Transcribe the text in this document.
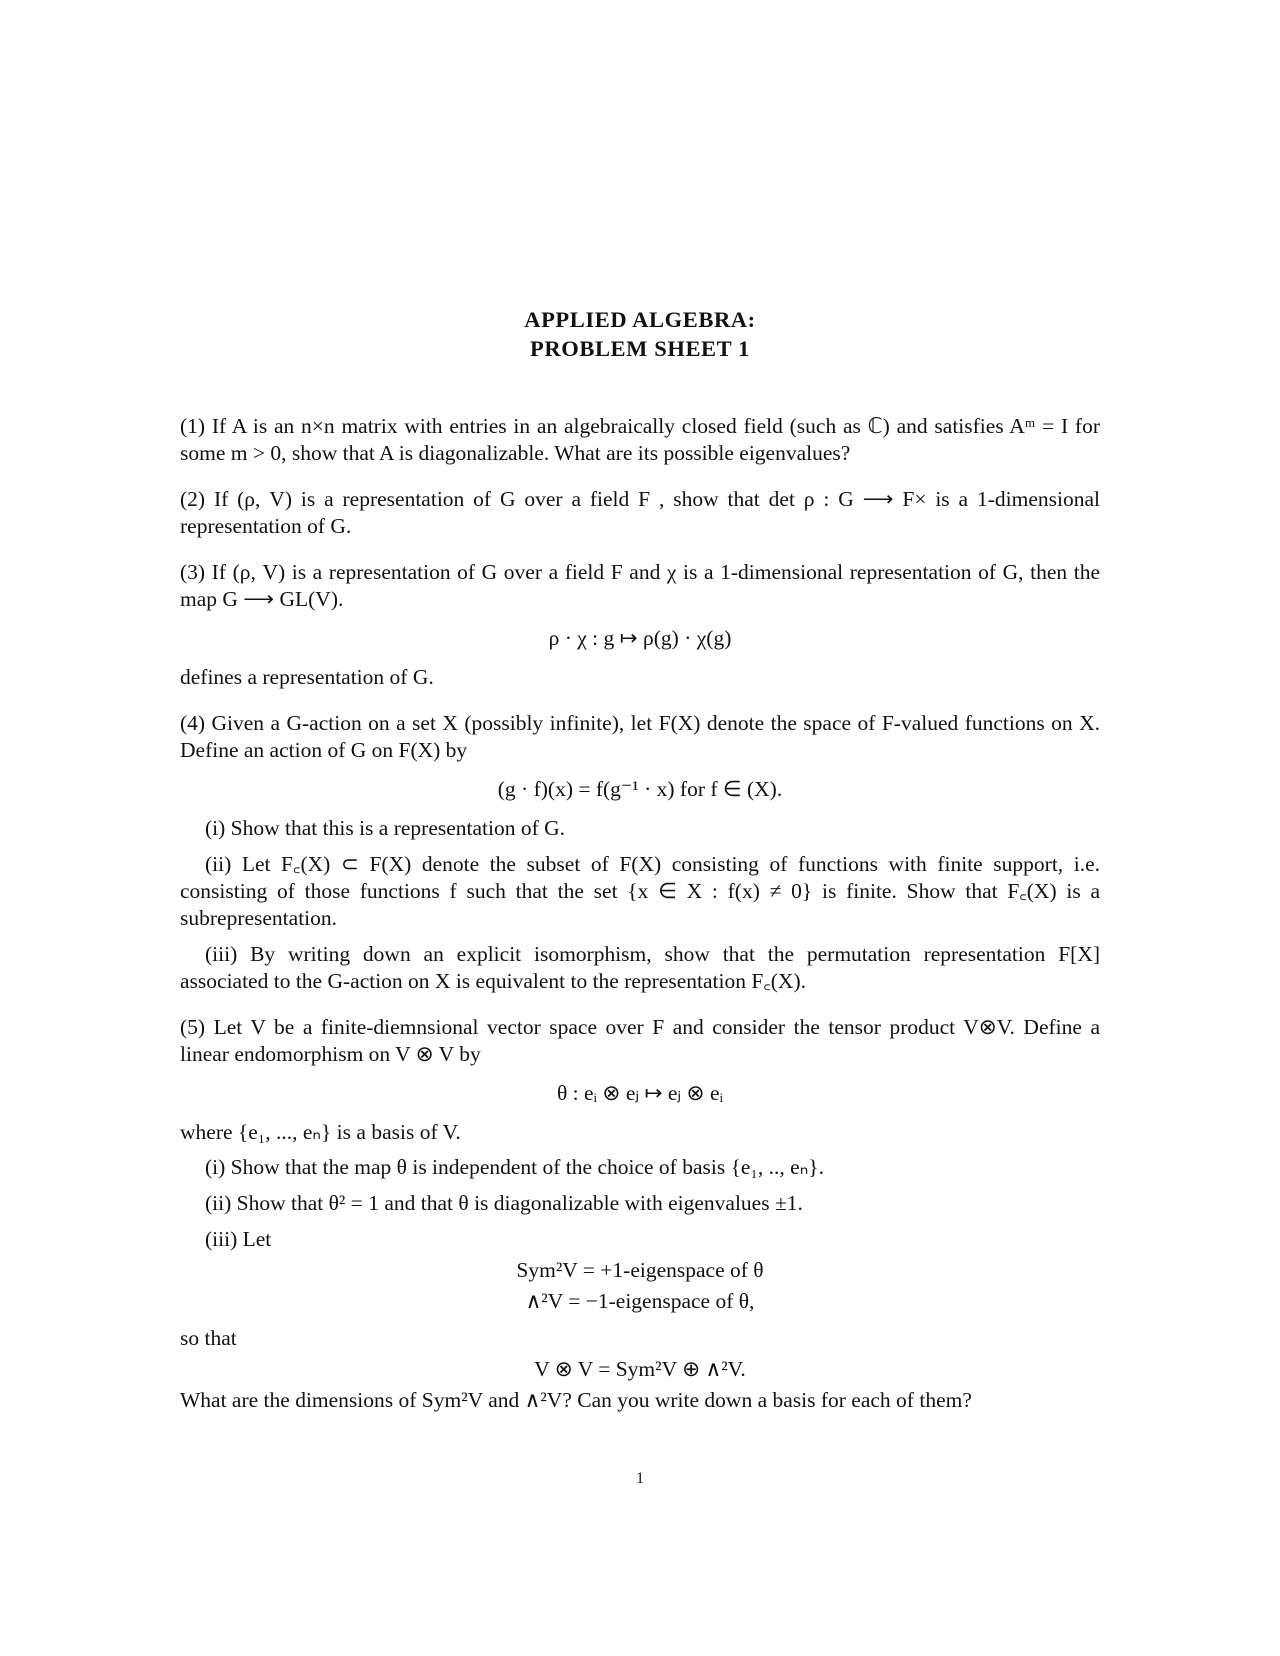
APPLIED ALGEBRA:
PROBLEM SHEET 1

(1) If A is an n×n matrix with entries in an algebraically closed field (such as ℂ) and satisfies Aᵐ = I for some m > 0, show that A is diagonalizable. What are its possible eigenvalues?

(2) If (ρ, V) is a representation of G over a field F , show that det ρ : G ⟶ F× is a 1-dimensional representation of G.

(3) If (ρ, V) is a representation of G over a field F and χ is a 1-dimensional representation of G, then the map G ⟶ GL(V).

ρ · χ : g ↦ ρ(g) · χ(g)

defines a representation of G.

(4) Given a G-action on a set X (possibly infinite), let F(X) denote the space of F-valued functions on X. Define an action of G on F(X) by

(g · f)(x) = f(g⁻¹ · x) for f ∈ (X).

(i) Show that this is a representation of G.

(ii) Let F꜀(X) ⊂ F(X) denote the subset of F(X) consisting of functions with finite support, i.e. consisting of those functions f such that the set {x ∈ X : f(x) ≠ 0} is finite. Show that F꜀(X) is a subrepresentation.

(iii) By writing down an explicit isomorphism, show that the permutation representation F[X] associated to the G-action on X is equivalent to the representation F꜀(X).

(5) Let V be a finite-diemnsional vector space over F and consider the tensor product V⊗V. Define a linear endomorphism on V ⊗ V by

θ : eᵢ ⊗ eⱼ ↦ eⱼ ⊗ eᵢ

where {e₁, ..., eₙ} is a basis of V.

(i) Show that the map θ is independent of the choice of basis {e₁, .., eₙ}.

(ii) Show that θ² = 1 and that θ is diagonalizable with eigenvalues ±1.

(iii) Let

Sym²V = +1-eigenspace of θ
∧²V = −1-eigenspace of θ,

so that

V ⊗ V = Sym²V ⊕ ∧²V.

What are the dimensions of Sym²V and ∧²V? Can you write down a basis for each of them?

1
